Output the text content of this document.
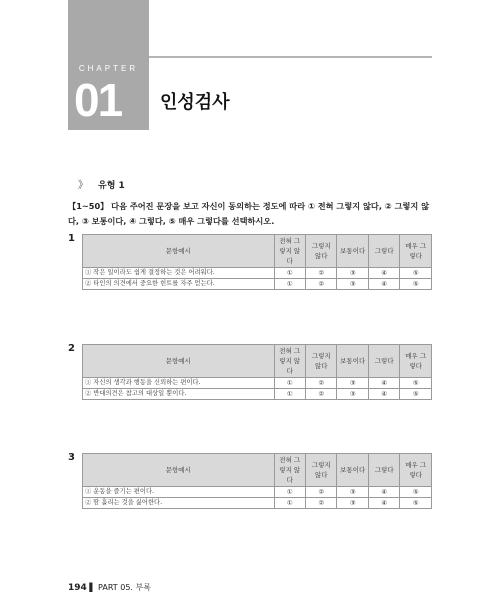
CHAPTER
01 인성검사
》 유형 1
【1~50】 다음 주어진 문장을 보고 자신이 동의하는 정도에 따라 ① 전혀 그렇지 않다, ② 그렇지 않다, ③ 보통이다, ④ 그렇다, ⑤ 매우 그렇다를 선택하시오.
1
문항예시	전혀 그렇지 않다	그렇지 않다	보통이다	그렇다	매우 그렇다
① 작은 일이라도 쉽게 결정하는 것은 어려워다.	①	②	③	④	⑤
② 타인의 의견에서 중요한 힌트를 자주 얻는다.	①	②	③	④	⑤
2
문항예시	전혀 그렇지 않다	그렇지 않다	보통이다	그렇다	매우 그렇다
① 자신의 생각과 행동을 신뢰하는 편이다.	①	②	③	④	⑤
② 반대의견은 참고의 대상일 뿐이다.	①	②	③	④	⑤
3
문항예시	전혀 그렇지 않다	그렇지 않다	보통이다	그렇다	매우 그렇다
① 운동을 즐기는 편이다.	①	②	③	④	⑤
② 땀 흘리는 것을 싫어한다.	①	②	③	④	⑤
194 ▌ PART 05. 부록
